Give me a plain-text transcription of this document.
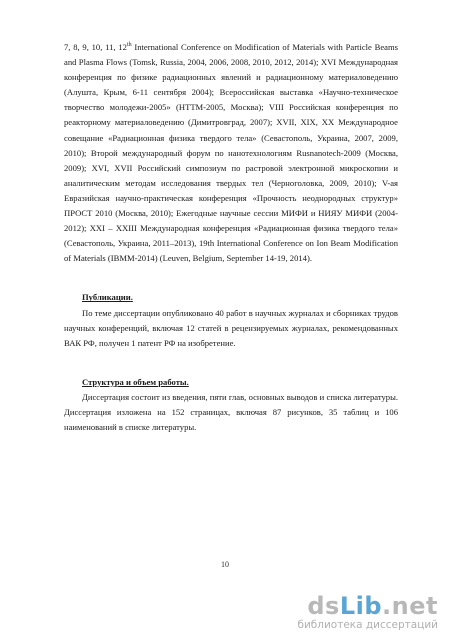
7, 8, 9, 10, 11, 12th International Conference on Modification of Materials with Particle Beams and Plasma Flows (Tomsk, Russia, 2004, 2006, 2008, 2010, 2012, 2014); XVI Международная конференция по физике радиационных явлений и радиационному материаловедению (Алушта, Крым, 6-11 сентября 2004); Всероссийская выставка «Научно-техническое творчество молодежи-2005» (НТТМ-2005, Москва); VIII Российская конференция по реакторному материаловедению (Димитровград, 2007); XVII, XIX, XX Международное совещание «Радиационная физика твердого тела» (Севастополь, Украина, 2007, 2009, 2010); Второй международный форум по нанотехнологиям Rusnanotech-2009 (Москва, 2009); XVI, XVII Российский симпозиум по растровой электронной микроскопии и аналитическим методам исследования твердых тел (Черноголовка, 2009, 2010); V-ая Евразийская научно-практическая конференция «Прочность неоднородных структур» ПРОСТ 2010 (Москва, 2010); Ежегодные научные сессии МИФИ и НИЯУ МИФИ (2004-2012); XXI – XXIII Международная конференция «Радиационная физика твердого тела» (Севастополь, Украина, 2011–2013), 19th International Conference on Ion Beam Modification of Materials (IBMM-2014) (Leuven, Belgium, September 14-19, 2014).

Публикации.

По теме диссертации опубликовано 40 работ в научных журналах и сборниках трудов научных конференций, включая 12 статей в рецензируемых журналах, рекомендованных ВАК РФ, получен 1 патент РФ на изобретение.

Структура и объем работы.

Диссертация состоит из введения, пяти глав, основных выводов и списка литературы. Диссертация изложена на 152 страницах, включая 87 рисунков, 35 таблиц и 106 наименований в списке литературы.

10
dsLib.net
библиотека диссертаций
